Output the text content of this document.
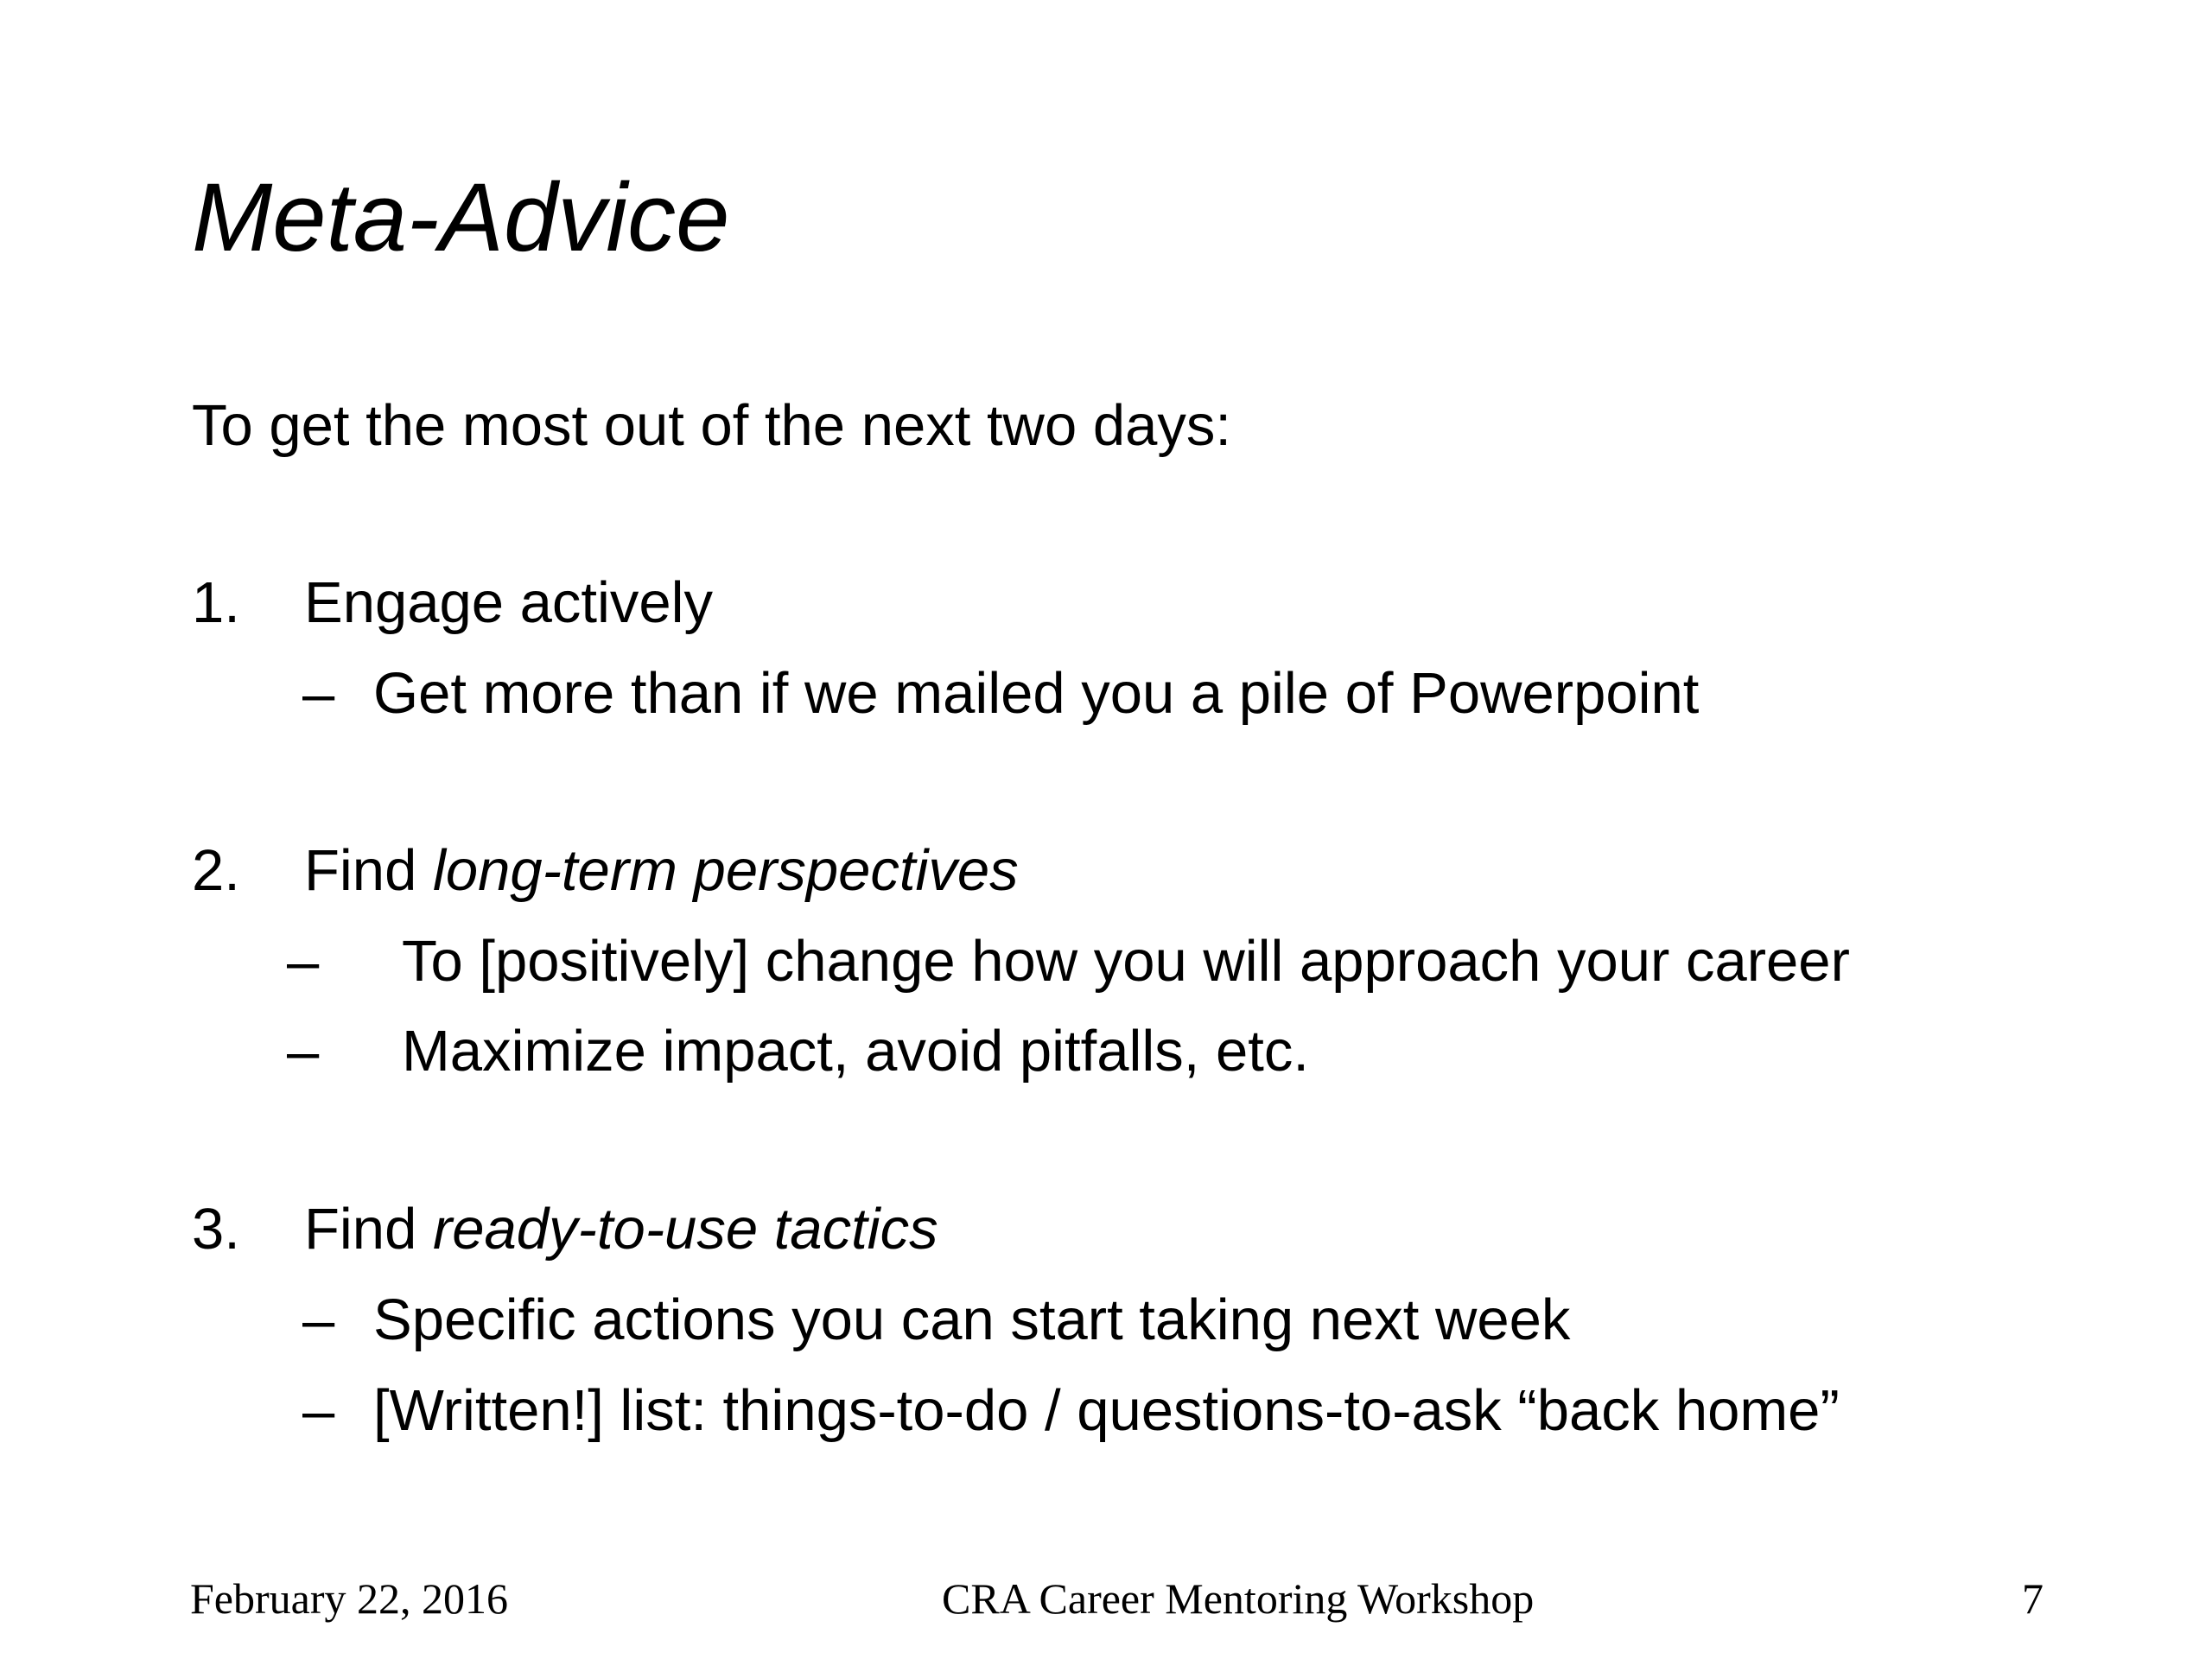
Meta-Advice
To get the most out of the next two days:
1. Engage actively
– Get more than if we mailed you a pile of Powerpoint
2. Find long-term perspectives
– To [positively] change how you will approach your career
– Maximize impact, avoid pitfalls, etc.
3. Find ready-to-use tactics
– Specific actions you can start taking next week
– [Written!] list: things-to-do / questions-to-ask “back home”
February 22, 2016	CRA Career Mentoring Workshop	7
